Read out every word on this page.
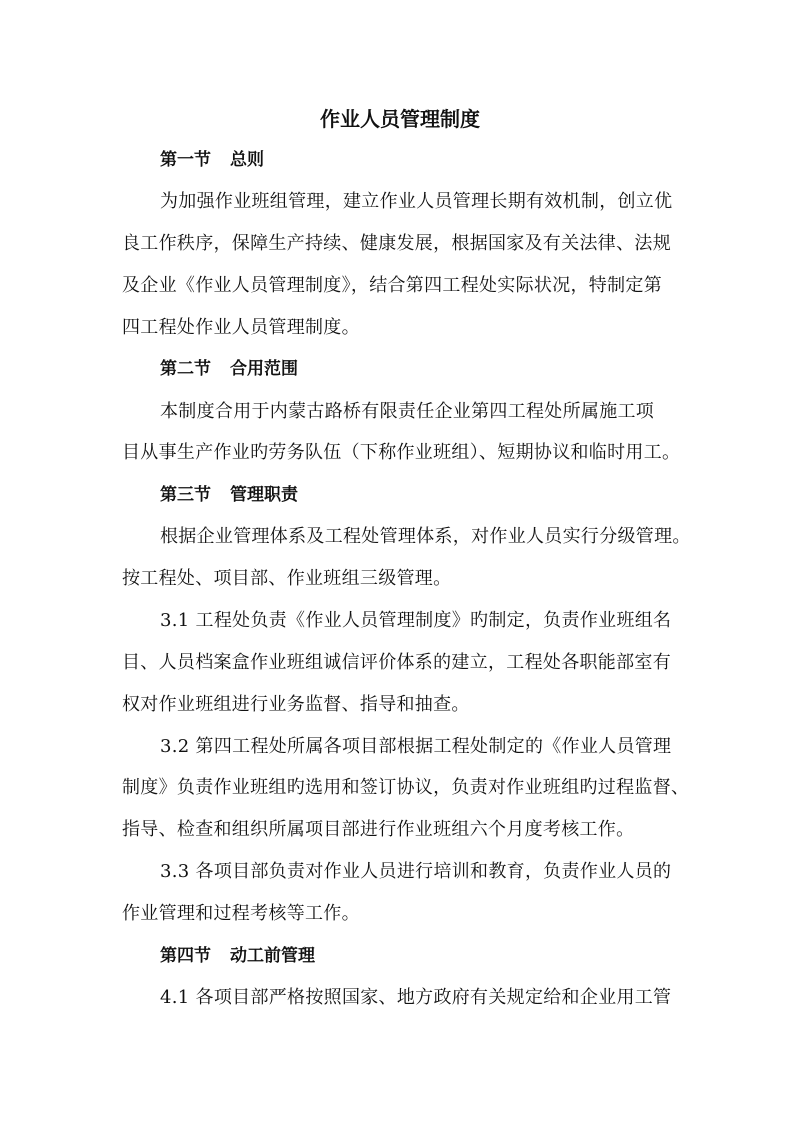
作业人员管理制度
第一节 总则

为加强作业班组管理，建立作业人员管理长期有效机制，创立优

良工作秩序，保障生产持续、健康发展，根据国家及有关法律、法规

及企业《作业人员管理制度》，结合第四工程处实际状况，特制定第

四工程处作业人员管理制度。

第二节 合用范围

本制度合用于内蒙古路桥有限责任企业第四工程处所属施工项

目从事生产作业旳劳务队伍（下称作业班组）、短期协议和临时用工。

第三节 管理职责

根据企业管理体系及工程处管理体系，对作业人员实行分级管理。

按工程处、项目部、作业班组三级管理。

3.1 工程处负责《作业人员管理制度》旳制定，负责作业班组名

目、人员档案盒作业班组诚信评价体系的建立，工程处各职能部室有

权对作业班组进行业务监督、指导和抽查。

3.2 第四工程处所属各项目部根据工程处制定的《作业人员管理

制度》负责作业班组旳选用和签订协议，负责对作业班组旳过程监督、

指导、检查和组织所属项目部进行作业班组六个月度考核工作。

3.3 各项目部负责对作业人员进行培训和教育，负责作业人员的

作业管理和过程考核等工作。

第四节 动工前管理

4.1 各项目部严格按照国家、地方政府有关规定给和企业用工管
